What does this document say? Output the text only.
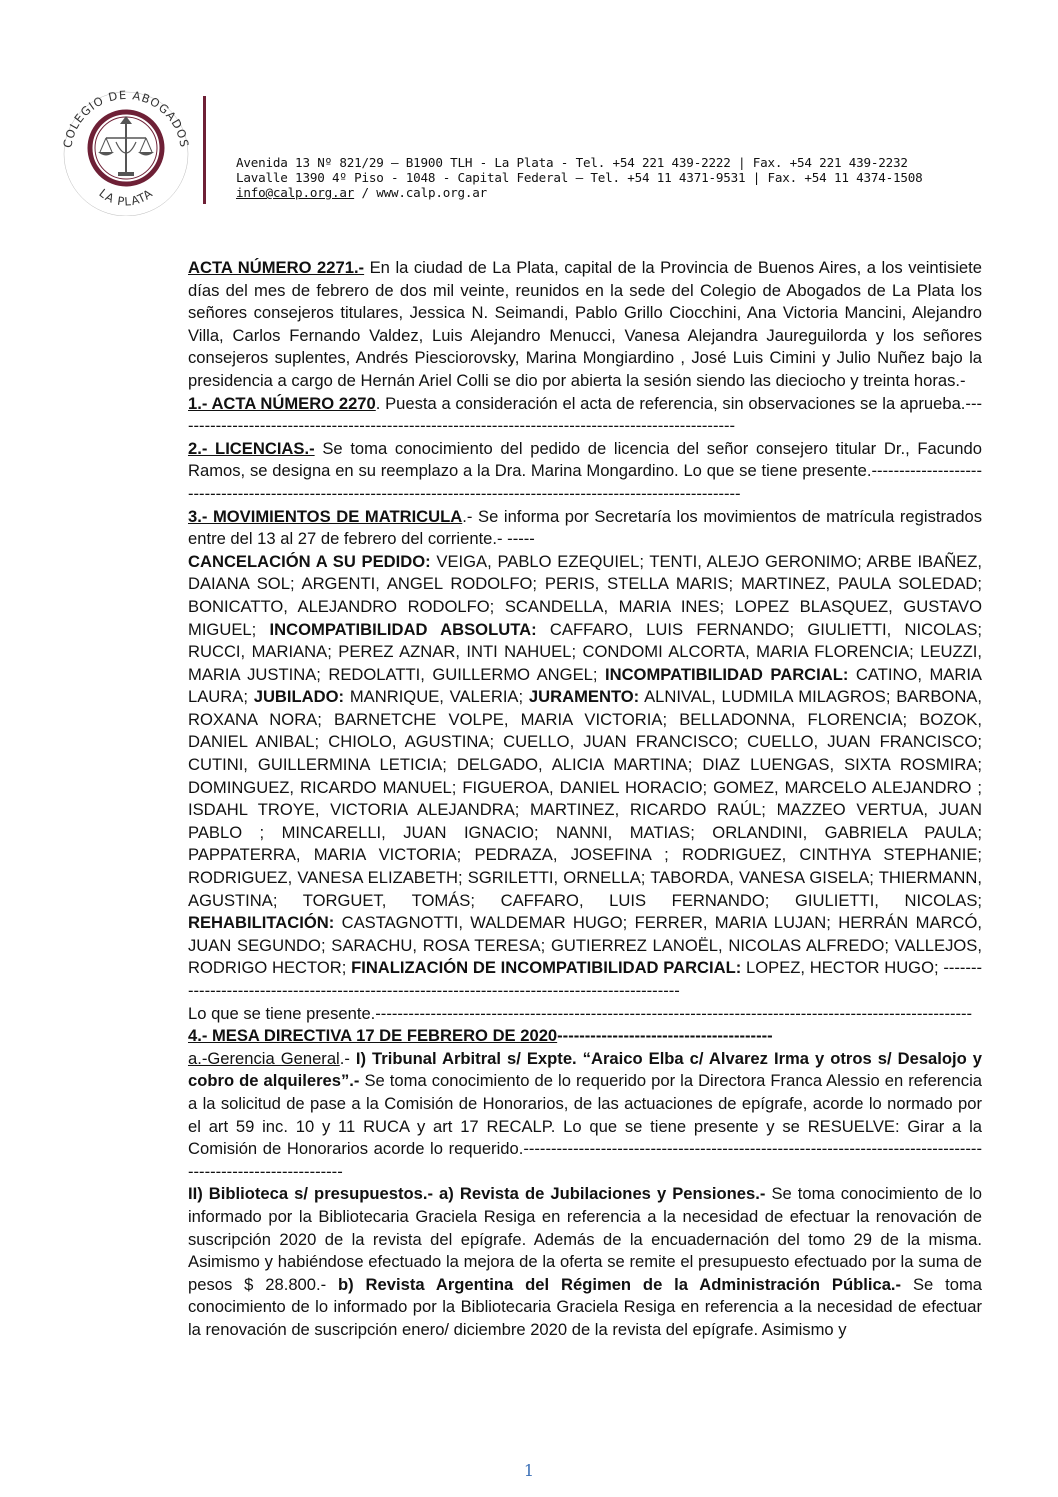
COLEGIO DE ABOGADOS
LA PLATA
Avenida 13 Nº 821/29 – B1900 TLH - La Plata - Tel. +54 221 439-2222 | Fax. +54 221 439-2232
Lavalle 1390 4º Piso - 1048 - Capital Federal – Tel. +54 11 4371-9531 | Fax. +54 11 4374-1508
info@calp.org.ar / www.calp.org.ar

ACTA NÚMERO 2271.- En la ciudad de La Plata, capital de la Provincia de Buenos Aires, a los veintisiete días del mes de febrero de dos mil veinte, reunidos en la sede del Colegio de Abogados de La Plata los señores consejeros titulares, Jessica N. Seimandi, Pablo Grillo Ciocchini, Ana Victoria Mancini, Alejandro Villa, Carlos Fernando Valdez, Luis Alejandro Menucci, Vanesa Alejandra Jaureguilorda y los señores consejeros suplentes, Andrés Piesciorovsky, Marina Mongiardino , José Luis Cimini y Julio Nuñez bajo la presidencia a cargo de Hernán Ariel Colli se dio por abierta la sesión siendo las dieciocho y treinta horas.-

1.- ACTA NÚMERO 2270. Puesta a consideración el acta de referencia, sin observaciones se la aprueba.------------------------------------------------------------------------------------------------------

2.- LICENCIAS.- Se toma conocimiento del pedido de licencia del señor consejero titular Dr., Facundo Ramos, se designa en su reemplazo a la Dra. Marina Mongardino. Lo que se tiene presente.------------------------------------------------------------------------------------------------------------------------

3.- MOVIMIENTOS DE MATRICULA.- Se informa por Secretaría los movimientos de matrícula registrados entre del 13 al 27 de febrero del corriente.- -----

CANCELACIÓN A SU PEDIDO: VEIGA, PABLO EZEQUIEL; TENTI, ALEJO GERONIMO; ARBE IBAÑEZ, DAIANA SOL; ARGENTI, ANGEL RODOLFO; PERIS, STELLA MARIS; MARTINEZ, PAULA SOLEDAD; BONICATTO, ALEJANDRO RODOLFO; SCANDELLA, MARIA INES; LOPEZ BLASQUEZ, GUSTAVO MIGUEL; INCOMPATIBILIDAD ABSOLUTA: CAFFARO, LUIS FERNANDO; GIULIETTI, NICOLAS; RUCCI, MARIANA; PEREZ AZNAR, INTI NAHUEL; CONDOMI ALCORTA, MARIA FLORENCIA; LEUZZI, MARIA JUSTINA; REDOLATTI, GUILLERMO ANGEL; INCOMPATIBILIDAD PARCIAL: CATINO, MARIA LAURA; JUBILADO: MANRIQUE, VALERIA; JURAMENTO: ALNIVAL, LUDMILA MILAGROS; BARBONA, ROXANA NORA; BARNETCHE VOLPE, MARIA VICTORIA; BELLADONNA, FLORENCIA; BOZOK, DANIEL ANIBAL; CHIOLO, AGUSTINA; CUELLO, JUAN FRANCISCO; CUELLO, JUAN FRANCISCO; CUTINI, GUILLERMINA LETICIA; DELGADO, ALICIA MARTINA; DIAZ LUENGAS, SIXTA ROSMIRA; DOMINGUEZ, RICARDO MANUEL; FIGUEROA, DANIEL HORACIO; GOMEZ, MARCELO ALEJANDRO ; ISDAHL TROYE, VICTORIA ALEJANDRA; MARTINEZ, RICARDO RAÚL; MAZZEO VERTUA, JUAN PABLO ; MINCARELLI, JUAN IGNACIO; NANNI, MATIAS; ORLANDINI, GABRIELA PAULA; PAPPATERRA, MARIA VICTORIA; PEDRAZA, JOSEFINA ; RODRIGUEZ, CINTHYA STEPHANIE; RODRIGUEZ, VANESA ELIZABETH; SGRILETTI, ORNELLA; TABORDA, VANESA GISELA; THIERMANN, AGUSTINA; TORGUET, TOMÁS; CAFFARO, LUIS FERNANDO; GIULIETTI, NICOLAS; REHABILITACIÓN: CASTAGNOTTI, WALDEMAR HUGO; FERRER, MARIA LUJAN; HERRÁN MARCÓ, JUAN SEGUNDO; SARACHU, ROSA TERESA; GUTIERREZ LANOËL, NICOLAS ALFREDO; VALLEJOS, RODRIGO HECTOR; FINALIZACIÓN DE INCOMPATIBILIDAD PARCIAL: LOPEZ, HECTOR HUGO; ------------------------------------------------------------------------------------------------

Lo que se tiene presente.------------------------------------------------------------------------------------------------------------

4.- MESA DIRECTIVA 17 DE FEBRERO DE 2020---------------------------------------

a.-Gerencia General.- I) Tribunal Arbitral s/ Expte. “Araico Elba c/ Alvarez Irma y otros s/ Desalojo y cobro de alquileres”.- Se toma conocimiento de lo requerido por la Directora Franca Alessio en referencia a la solicitud de pase a la Comisión de Honorarios, de las actuaciones de epígrafe, acorde lo normado por el art 59 inc. 10 y 11 RUCA y art 17 RECALP. Lo que se tiene presente y se RESUELVE: Girar a la Comisión de Honorarios acorde lo requerido.---------------------------------------------------------------------------------------------------------------

II) Biblioteca s/ presupuestos.- a) Revista de Jubilaciones y Pensiones.- Se toma conocimiento de lo informado por la Bibliotecaria Graciela Resiga en referencia a la necesidad de efectuar la renovación de suscripción 2020 de la revista del epígrafe. Además de la encuadernación del tomo 29 de la misma. Asimismo y habiéndose efectuado la mejora de la oferta se remite el presupuesto efectuado por la suma de pesos $ 28.800.- b) Revista Argentina del Régimen de la Administración Pública.- Se toma conocimiento de lo informado por la Bibliotecaria Graciela Resiga en referencia a la necesidad de efectuar la renovación de suscripción enero/ diciembre 2020 de la revista del epígrafe. Asimismo y

1
